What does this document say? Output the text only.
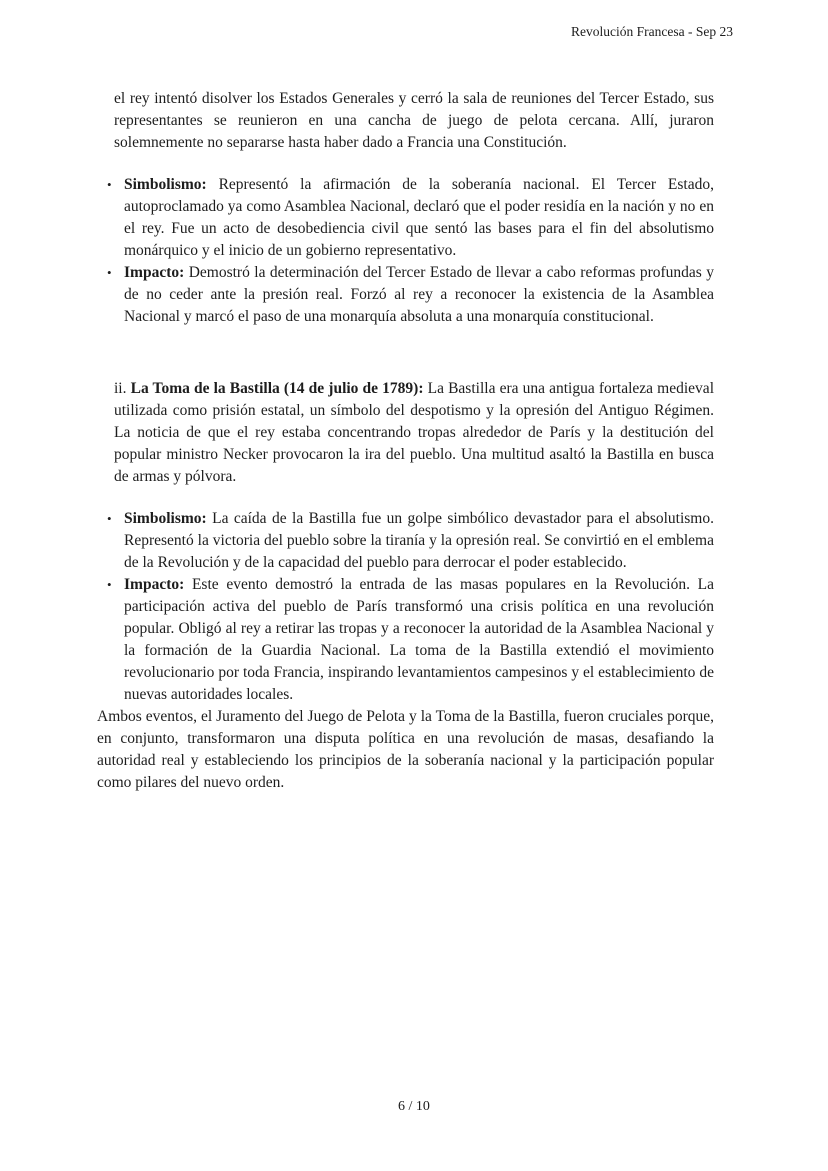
Revolución Francesa - Sep 23

el rey intentó disolver los Estados Generales y cerró la sala de reuniones del Tercer Estado, sus representantes se reunieron en una cancha de juego de pelota cercana. Allí, juraron solemnemente no separarse hasta haber dado a Francia una Constitución.

• Simbolismo: Representó la afirmación de la soberanía nacional. El Tercer Estado, autoproclamado ya como Asamblea Nacional, declaró que el poder residía en la nación y no en el rey. Fue un acto de desobediencia civil que sentó las bases para el fin del absolutismo monárquico y el inicio de un gobierno representativo.
• Impacto: Demostró la determinación del Tercer Estado de llevar a cabo reformas profundas y de no ceder ante la presión real. Forzó al rey a reconocer la existencia de la Asamblea Nacional y marcó el paso de una monarquía absoluta a una monarquía constitucional.

ii. La Toma de la Bastilla (14 de julio de 1789): La Bastilla era una antigua fortaleza medieval utilizada como prisión estatal, un símbolo del despotismo y la opresión del Antiguo Régimen. La noticia de que el rey estaba concentrando tropas alrededor de París y la destitución del popular ministro Necker provocaron la ira del pueblo. Una multitud asaltó la Bastilla en busca de armas y pólvora.

• Simbolismo: La caída de la Bastilla fue un golpe simbólico devastador para el absolutismo. Representó la victoria del pueblo sobre la tiranía y la opresión real. Se convirtió en el emblema de la Revolución y de la capacidad del pueblo para derrocar el poder establecido.
• Impacto: Este evento demostró la entrada de las masas populares en la Revolución. La participación activa del pueblo de París transformó una crisis política en una revolución popular. Obligó al rey a retirar las tropas y a reconocer la autoridad de la Asamblea Nacional y la formación de la Guardia Nacional. La toma de la Bastilla extendió el movimiento revolucionario por toda Francia, inspirando levantamientos campesinos y el establecimiento de nuevas autoridades locales.

Ambos eventos, el Juramento del Juego de Pelota y la Toma de la Bastilla, fueron cruciales porque, en conjunto, transformaron una disputa política en una revolución de masas, desafiando la autoridad real y estableciendo los principios de la soberanía nacional y la participación popular como pilares del nuevo orden.

6 / 10
